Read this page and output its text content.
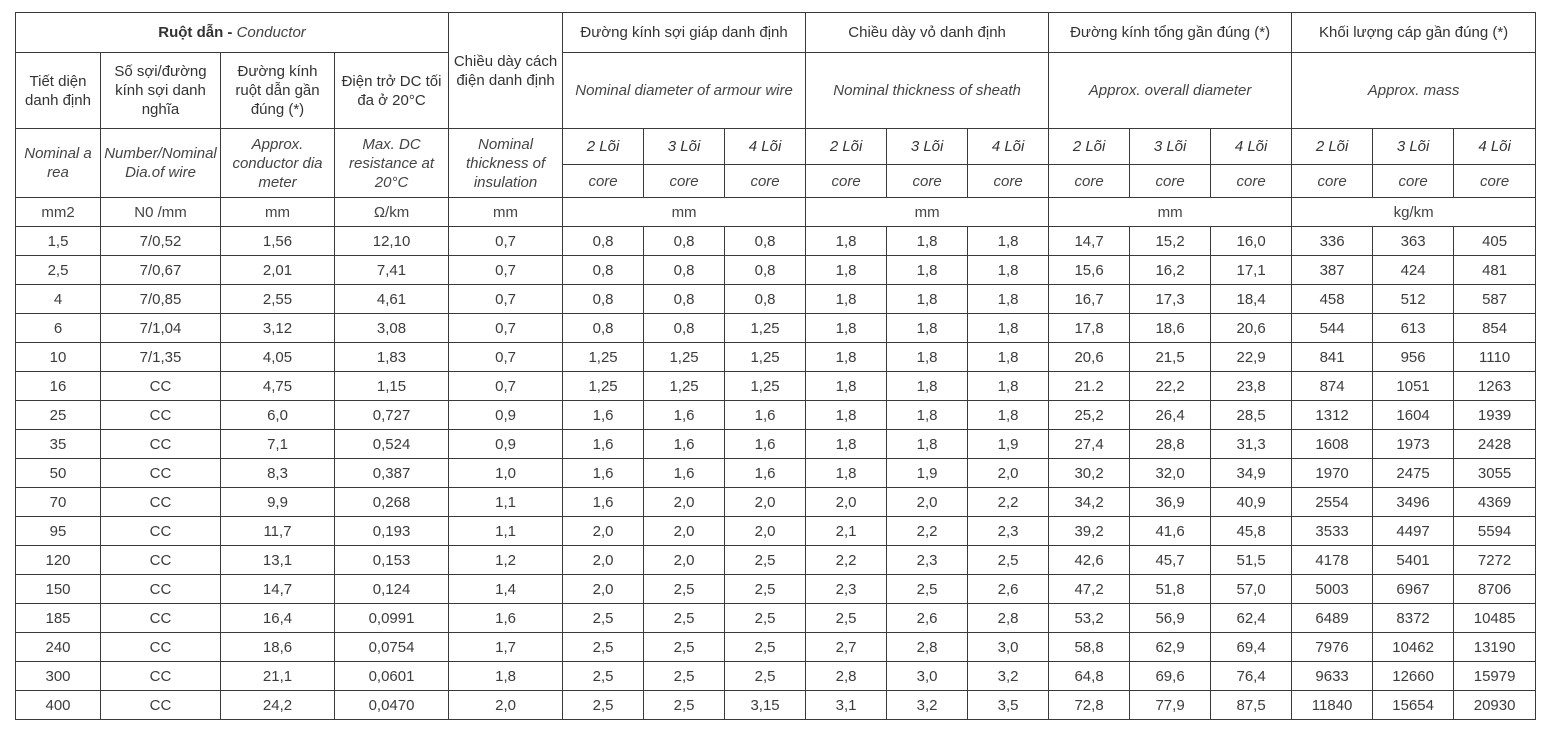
Ruột dẫn - Conductor				Chiều dày cách điện danh định	Đường kính sợi giáp danh định			Chiều dày vỏ danh định			Đường kính tổng gần đúng (*)			Khối lượng cáp gần đúng (*)		
Tiết diện danh định	Số sợi/đường kính sợi danh nghĩa	Đường kính ruột dẫn gần đúng (*)	Điện trở DC tối đa ở 20°C		Nominal diameter of armour wire			Nominal thickness of sheath			Approx. overall diameter			Approx. mass		
Nominal a rea	Number/Nominal Dia.of wire	Approx. conductor dia meter	Max. DC resistance at 20°C	Nominal thickness of insulation	2 Lõi	3 Lõi	4 Lõi	2 Lõi	3 Lõi	4 Lõi	2 Lõi	3 Lõi	4 Lõi	2 Lõi	3 Lõi	4 Lõi
					core	core	core	core	core	core	core	core	core	core	core	core
mm2	N0 /mm	mm	Ω/km	mm	mm			mm			mm			kg/km		
1,5	7/0,52	1,56	12,10	0,7	0,8	0,8	0,8	1,8	1,8	1,8	14,7	15,2	16,0	336	363	405
2,5	7/0,67	2,01	7,41	0,7	0,8	0,8	0,8	1,8	1,8	1,8	15,6	16,2	17,1	387	424	481
4	7/0,85	2,55	4,61	0,7	0,8	0,8	0,8	1,8	1,8	1,8	16,7	17,3	18,4	458	512	587
6	7/1,04	3,12	3,08	0,7	0,8	0,8	1,25	1,8	1,8	1,8	17,8	18,6	20,6	544	613	854
10	7/1,35	4,05	1,83	0,7	1,25	1,25	1,25	1,8	1,8	1,8	20,6	21,5	22,9	841	956	1110
16	CC	4,75	1,15	0,7	1,25	1,25	1,25	1,8	1,8	1,8	21.2	22,2	23,8	874	1051	1263
25	CC	6,0	0,727	0,9	1,6	1,6	1,6	1,8	1,8	1,8	25,2	26,4	28,5	1312	1604	1939
35	CC	7,1	0,524	0,9	1,6	1,6	1,6	1,8	1,8	1,9	27,4	28,8	31,3	1608	1973	2428
50	CC	8,3	0,387	1,0	1,6	1,6	1,6	1,8	1,9	2,0	30,2	32,0	34,9	1970	2475	3055
70	CC	9,9	0,268	1,1	1,6	2,0	2,0	2,0	2,0	2,2	34,2	36,9	40,9	2554	3496	4369
95	CC	11,7	0,193	1,1	2,0	2,0	2,0	2,1	2,2	2,3	39,2	41,6	45,8	3533	4497	5594
120	CC	13,1	0,153	1,2	2,0	2,0	2,5	2,2	2,3	2,5	42,6	45,7	51,5	4178	5401	7272
150	CC	14,7	0,124	1,4	2,0	2,5	2,5	2,3	2,5	2,6	47,2	51,8	57,0	5003	6967	8706
185	CC	16,4	0,0991	1,6	2,5	2,5	2,5	2,5	2,6	2,8	53,2	56,9	62,4	6489	8372	10485
240	CC	18,6	0,0754	1,7	2,5	2,5	2,5	2,7	2,8	3,0	58,8	62,9	69,4	7976	10462	13190
300	CC	21,1	0,0601	1,8	2,5	2,5	2,5	2,8	3,0	3,2	64,8	69,6	76,4	9633	12660	15979
400	CC	24,2	0,0470	2,0	2,5	2,5	3,15	3,1	3,2	3,5	72,8	77,9	87,5	11840	15654	20930
